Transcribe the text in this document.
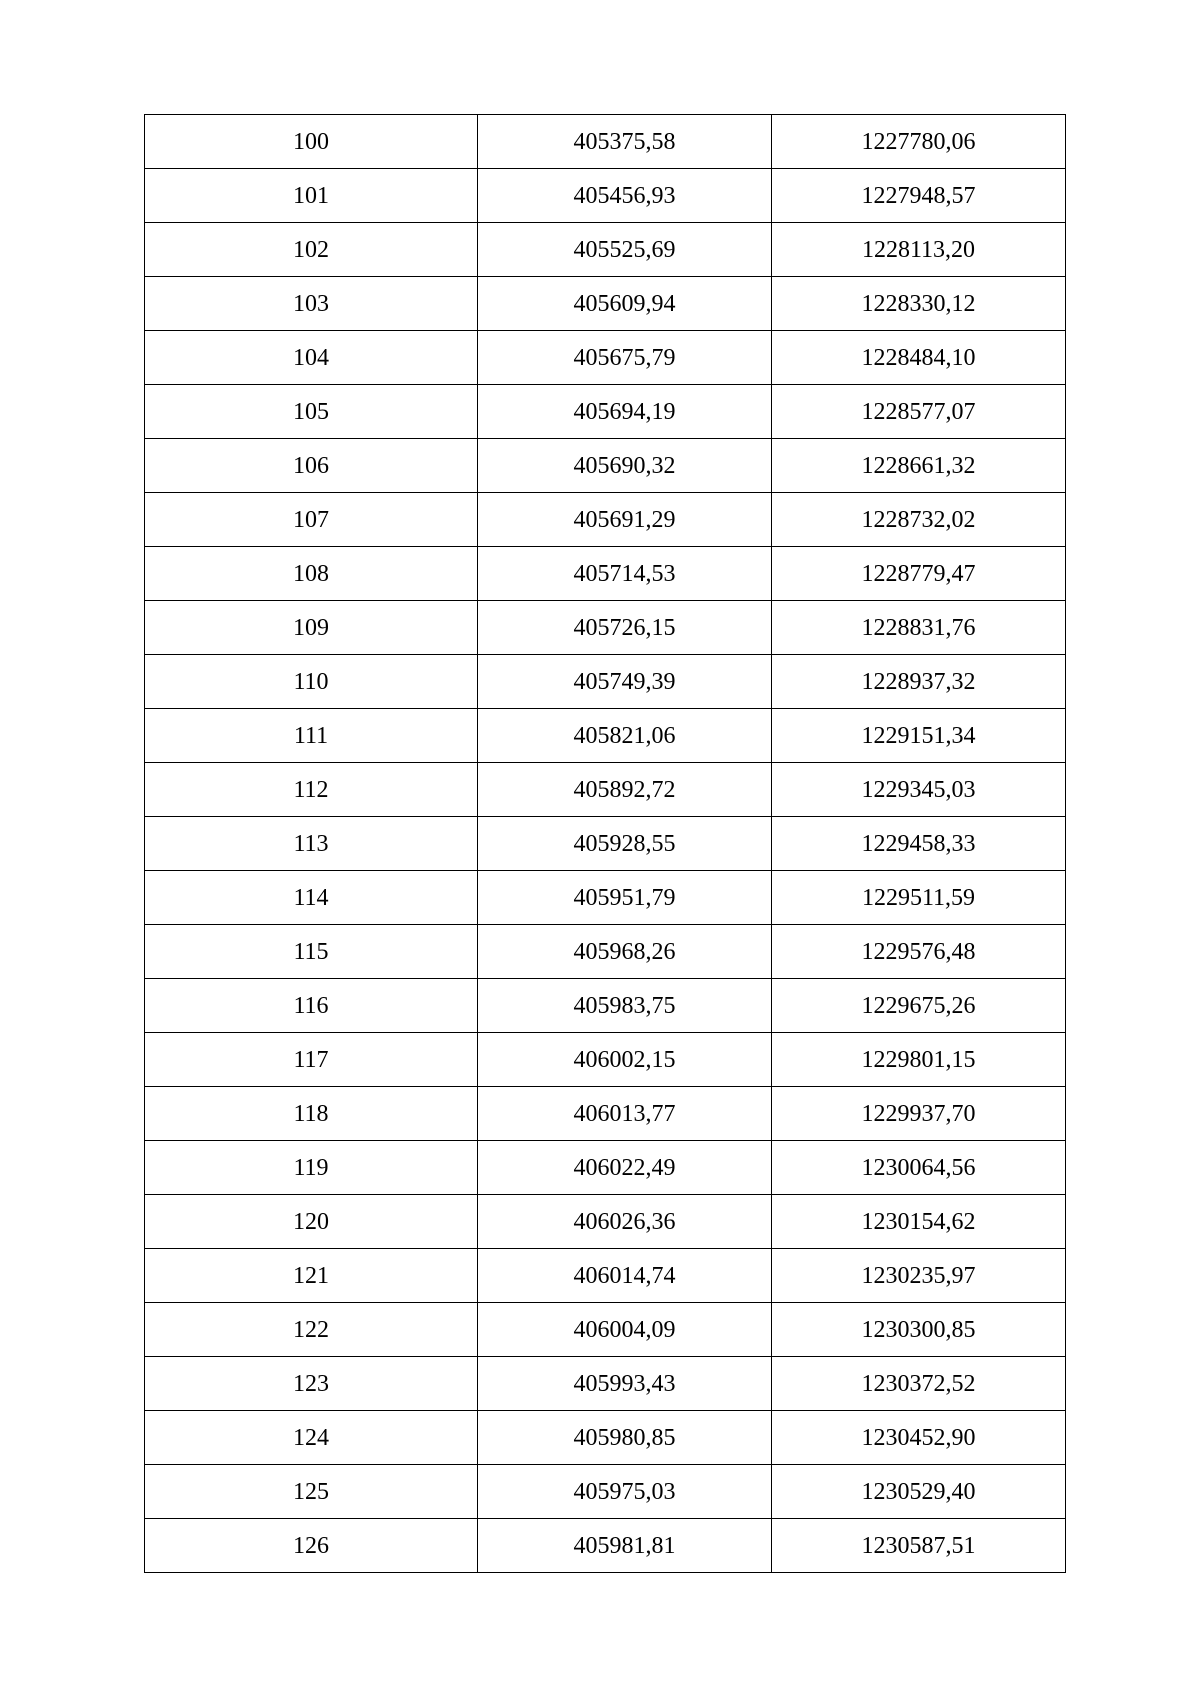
100	405375,58	1227780,06
101	405456,93	1227948,57
102	405525,69	1228113,20
103	405609,94	1228330,12
104	405675,79	1228484,10
105	405694,19	1228577,07
106	405690,32	1228661,32
107	405691,29	1228732,02
108	405714,53	1228779,47
109	405726,15	1228831,76
110	405749,39	1228937,32
111	405821,06	1229151,34
112	405892,72	1229345,03
113	405928,55	1229458,33
114	405951,79	1229511,59
115	405968,26	1229576,48
116	405983,75	1229675,26
117	406002,15	1229801,15
118	406013,77	1229937,70
119	406022,49	1230064,56
120	406026,36	1230154,62
121	406014,74	1230235,97
122	406004,09	1230300,85
123	405993,43	1230372,52
124	405980,85	1230452,90
125	405975,03	1230529,40
126	405981,81	1230587,51
